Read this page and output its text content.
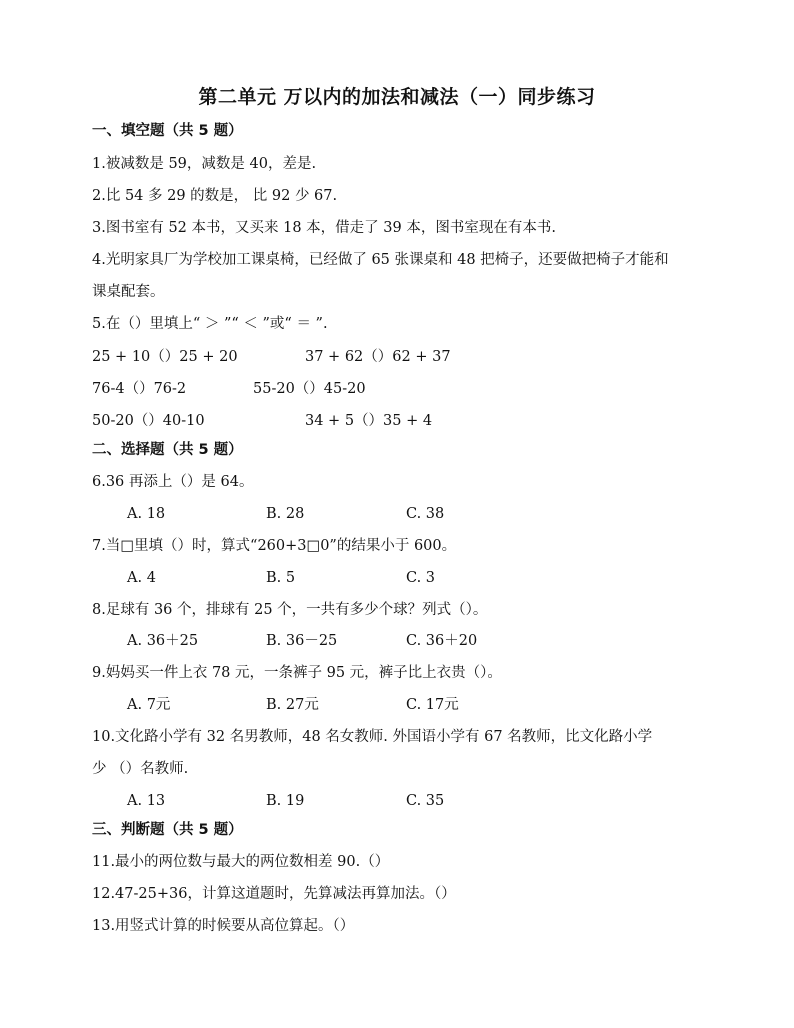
第二单元 万以内的加法和减法（一）同步练习
一、填空题（共 5 题）
1.被减数是 59，减数是 40，差是.
2.比 54 多 29 的数是， 比 92 少 67.
3.图书室有 52 本书，又买来 18 本，借走了 39 本，图书室现在有本书.
4.光明家具厂为学校加工课桌椅，已经做了 65 张课桌和 48 把椅子，还要做把椅子才能和
课桌配套。
5.在（）里填上“ ＞ ”“ ＜ ”或“ ＝ ”.
25 + 10（）25 + 20	37 + 62（）62 + 37
76-4（）76-2	55-20（）45-20
50-20（）40-10	34 + 5（）35 + 4
二、选择题（共 5 题）
6.36 再添上（）是 64。
A. 18	B. 28	C. 38
7.当□里填（）时，算式“260+3□0”的结果小于 600。
A. 4	B. 5	C. 3
8.足球有 36 个，排球有 25 个，一共有多少个球？列式（）。
A. 36＋25	B. 36－25	C. 36＋20
9.妈妈买一件上衣 78 元，一条裤子 95 元，裤子比上衣贵（）。
A. 7元	B. 27元	C. 17元
10.文化路小学有 32 名男教师，48 名女教师. 外国语小学有 67 名教师，比文化路小学
少 （）名教师.
A. 13	B. 19	C. 35
三、判断题（共 5 题）
11.最小的两位数与最大的两位数相差 90.（）
12.47-25+36，计算这道题时，先算减法再算加法。（）
13.用竖式计算的时候要从高位算起。（）
